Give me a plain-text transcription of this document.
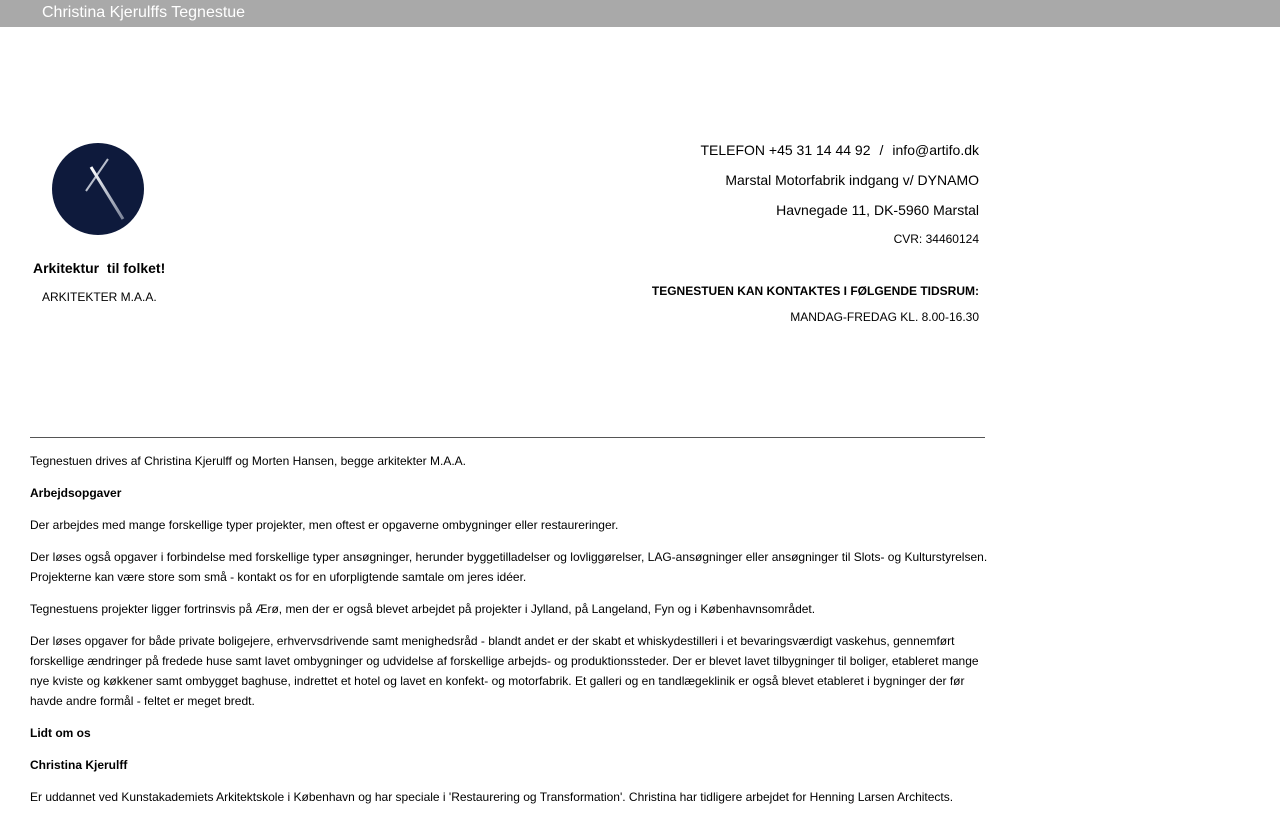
Christina Kjerulffs Tegnestue
Arkitektur  til folket!
ARKITEKTER M.A.A.
TELEFON +45 31 14 44 92 / info@artifo.dk
Marstal Motorfabrik indgang v/ DYNAMO
Havnegade 11, DK-5960 Marstal
CVR: 34460124
TEGNESTUEN KAN KONTAKTES I FØLGENDE TIDSRUM:
MANDAG-FREDAG KL. 8.00-16.30

Tegnestuen drives af Christina Kjerulff og Morten Hansen, begge arkitekter M.A.A.

Arbejdsopgaver

Der arbejdes med mange forskellige typer projekter, men oftest er opgaverne ombygninger eller restaureringer.

Der løses også opgaver i forbindelse med forskellige typer ansøgninger, herunder byggetilladelser og lovliggørelser, LAG-ansøgninger eller ansøgninger til Slots- og Kulturstyrelsen. Projekterne kan være store som små - kontakt os for en uforpligtende samtale om jeres idéer.

Tegnestuens projekter ligger fortrinsvis på Ærø, men der er også blevet arbejdet på projekter i Jylland, på Langeland, Fyn og i Københavnsområdet.

Der løses opgaver for både private boligejere, erhvervsdrivende samt menighedsråd - blandt andet er der skabt et whiskydestilleri i et bevaringsværdigt vaskehus, gennemført forskellige ændringer på fredede huse samt lavet ombygninger og udvidelse af forskellige arbejds- og produktionssteder. Der er blevet lavet tilbygninger til boliger, etableret mange nye kviste og køkkener samt ombygget baghuse, indrettet et hotel og lavet en konfekt- og motorfabrik. Et galleri og en tandlægeklinik er også blevet etableret i bygninger der før havde andre formål - feltet er meget bredt.

Lidt om os

Christina Kjerulff

Er uddannet ved Kunstakademiets Arkitektskole i København og har speciale i 'Restaurering og Transformation'. Christina har tidligere arbejdet for Henning Larsen Architects.
